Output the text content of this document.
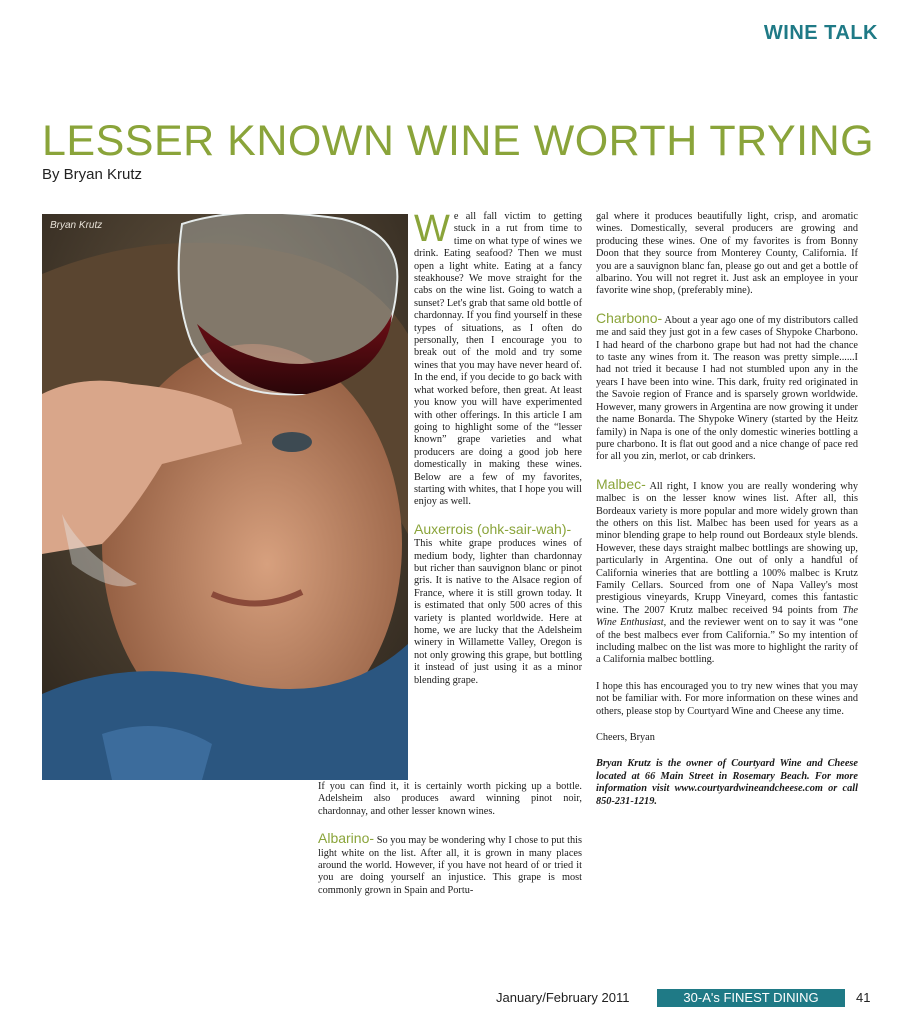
WINE TALK
LESSER KNOWN WINE WORTH TRYING
By Bryan Krutz
Bryan Krutz	We all fall victim to getting stuck in a rut from time to time on what type of wines we drink. Eating seafood? Then we must open a light white. Eating at a fancy steakhouse? We move straight for the cabs on the wine list. Going to watch a sunset? Let's grab that same old bottle of chardonnay. If you find yourself in these types of situations, as I often do personally, then I encourage you to break out of the mold and try some wines that you may have never heard of. In the end, if you decide to go back with what worked before, then great. At least you know you will have experimented with other offerings. In this article I am going to highlight some of the “lesser known” grape varieties and what producers are doing a good job here domestically in making these wines. Below are a few of my favorites, starting with whites, that I hope you will enjoy as well.

Auxerrois (ohk-sair-wah)-
This white grape produces wines of medium body, lighter than chardonnay but richer than sauvignon blanc or pinot gris. It is native to the Alsace region of France, where it is still grown today. It is estimated that only 500 acres of this variety is planted worldwide. Here at home, we are lucky that the Adelsheim winery in Willamette Valley, Oregon is not only growing this grape, but bottling it instead of just using it as a minor blending grape.

If you can find it, it is certainly worth picking up a bottle. Adelsheim also produces award winning pinot noir, chardonnay, and other lesser known wines.

Albarino- So you may be wondering why I chose to put this light white on the list. After all, it is grown in many places around the world. However, if you have not heard of or tried it you are doing yourself an injustice. This grape is most commonly grown in Spain and Portu-

gal where it produces beautifully light, crisp, and aromatic wines. Domestically, several producers are growing and producing these wines. One of my favorites is from Bonny Doon that they source from Monterey County, California. If you are a sauvignon blanc fan, please go out and get a bottle of albarino. You will not regret it. Just ask an employee in your favorite wine shop, (preferably mine).

Charbono- About a year ago one of my distributors called me and said they just got in a few cases of Shypoke Charbono. I had heard of the charbono grape but had not had the chance to taste any wines from it. The reason was pretty simple......I had not tried it because I had not stumbled upon any in the years I have been into wine. This dark, fruity red originated in the Savoie region of France and is sparsely grown worldwide. However, many growers in Argentina are now growing it under the name Bonarda. The Shypoke Winery (started by the Heitz family) in Napa is one of the only domestic wineries bottling a pure charbono. It is flat out good and a nice change of pace red for all you zin, merlot, or cab drinkers.

Malbec- All right, I know you are really wondering why malbec is on the lesser know wines list. After all, this Bordeaux variety is more popular and more widely grown than the others on this list. Malbec has been used for years as a minor blending grape to help round out Bordeaux style blends. However, these days straight malbec bottlings are showing up, particularly in Argentina. One out of only a handful of California wineries that are bottling a 100% malbec is Krutz Family Cellars. Sourced from one of Napa Valley's most prestigious vineyards, Krupp Vineyard, comes this fantastic wine. The 2007 Krutz malbec received 94 points from The Wine Enthusiast, and the reviewer went on to say it was “one of the best malbecs ever from California.” So my intention of including malbec on the list was more to highlight the rarity of a California malbec bottling.

I hope this has encouraged you to try new wines that you may not be familiar with. For more information on these wines and others, please stop by Courtyard Wine and Cheese any time.

Cheers, Bryan

Bryan Krutz is the owner of Courtyard Wine and Cheese located at 66 Main Street in Rosemary Beach. For more information visit www.courtyardwineandcheese.com or call 850-231-1219.

January/February 2011	30-A's FINEST DINING	41
